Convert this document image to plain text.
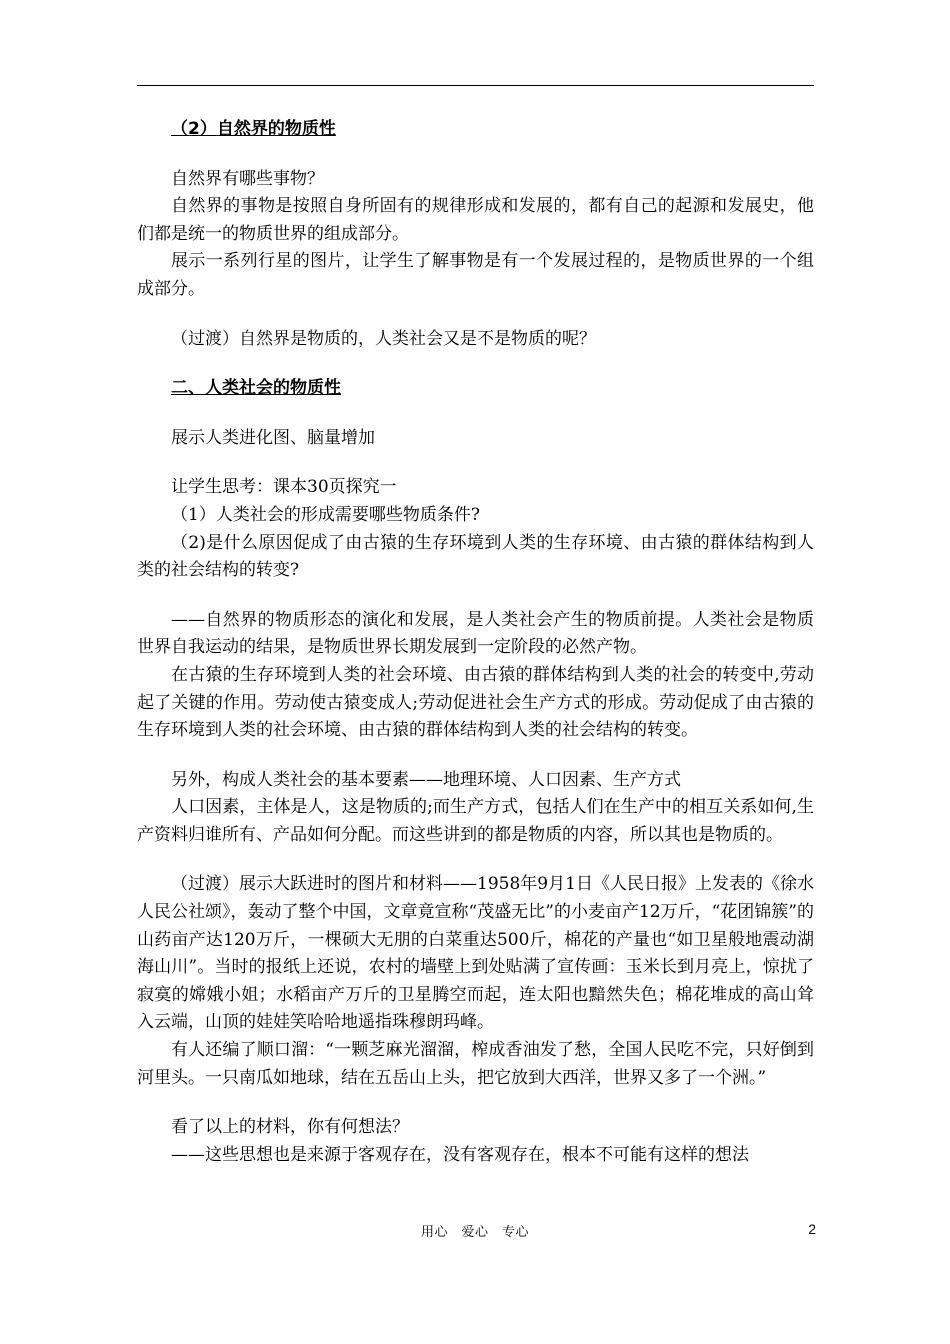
（2）自然界的物质性

自然界有哪些事物？

自然界的事物是按照自身所固有的规律形成和发展的，都有自己的起源和发展史，他们都是统一的物质世界的组成部分。

展示一系列行星的图片，让学生了解事物是有一个发展过程的，是物质世界的一个组成部分。

（过渡）自然界是物质的，人类社会又是不是物质的呢？

二、人类社会的物质性

展示人类进化图、脑量增加

让学生思考：课本30页探究一

（1）人类社会的形成需要哪些物质条件?

（2)是什么原因促成了由古猿的生存环境到人类的生存环境、由古猿的群体结构到人类的社会结构的转变?

——自然界的物质形态的演化和发展，是人类社会产生的物质前提。人类社会是物质世界自我运动的结果，是物质世界长期发展到一定阶段的必然产物。

在古猿的生存环境到人类的社会环境、由古猿的群体结构到人类的社会的转变中,劳动起了关键的作用。劳动使古猿变成人;劳动促进社会生产方式的形成。劳动促成了由古猿的生存环境到人类的社会环境、由古猿的群体结构到人类的社会结构的转变。

另外，构成人类社会的基本要素——地理环境、人口因素、生产方式

人口因素，主体是人，这是物质的;而生产方式，包括人们在生产中的相互关系如何,生产资料归谁所有、产品如何分配。而这些讲到的都是物质的内容，所以其也是物质的。

（过渡）展示大跃进时的图片和材料——1958年9月1日《人民日报》上发表的《徐水人民公社颂》，轰动了整个中国，文章竟宣称“茂盛无比”的小麦亩产12万斤，“花团锦簇”的山药亩产达120万斤，一棵硕大无朋的白菜重达500斤，棉花的产量也“如卫星般地震动湖海山川”。当时的报纸上还说，农村的墙壁上到处贴满了宣传画：玉米长到月亮上，惊扰了寂寞的嫦娥小姐；水稻亩产万斤的卫星腾空而起，连太阳也黯然失色；棉花堆成的高山耸入云端，山顶的娃娃笑哈哈地遥指珠穆朗玛峰。

有人还编了顺口溜：“一颗芝麻光溜溜，榨成香油发了愁，全国人民吃不完，只好倒到河里头。一只南瓜如地球，结在五岳山上头，把它放到大西洋，世界又多了一个洲。”

看了以上的材料，你有何想法？

——这些思想也是来源于客观存在，没有客观存在，根本不可能有这样的想法

用心　爱心　专心	2
